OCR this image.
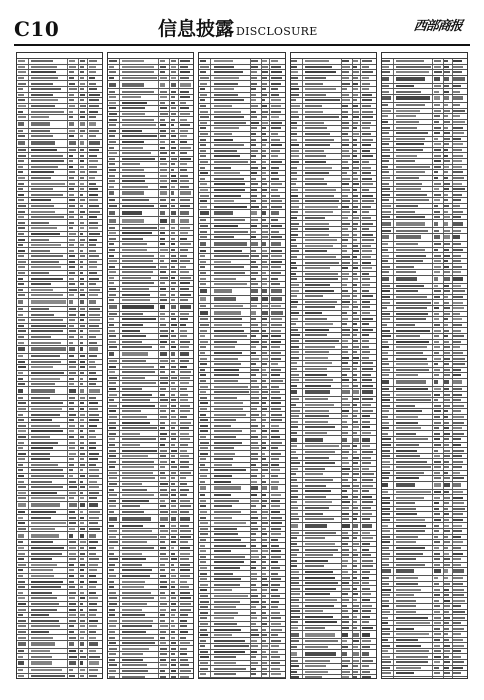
C10	信息披露 DISCLOSURE	西部商报
